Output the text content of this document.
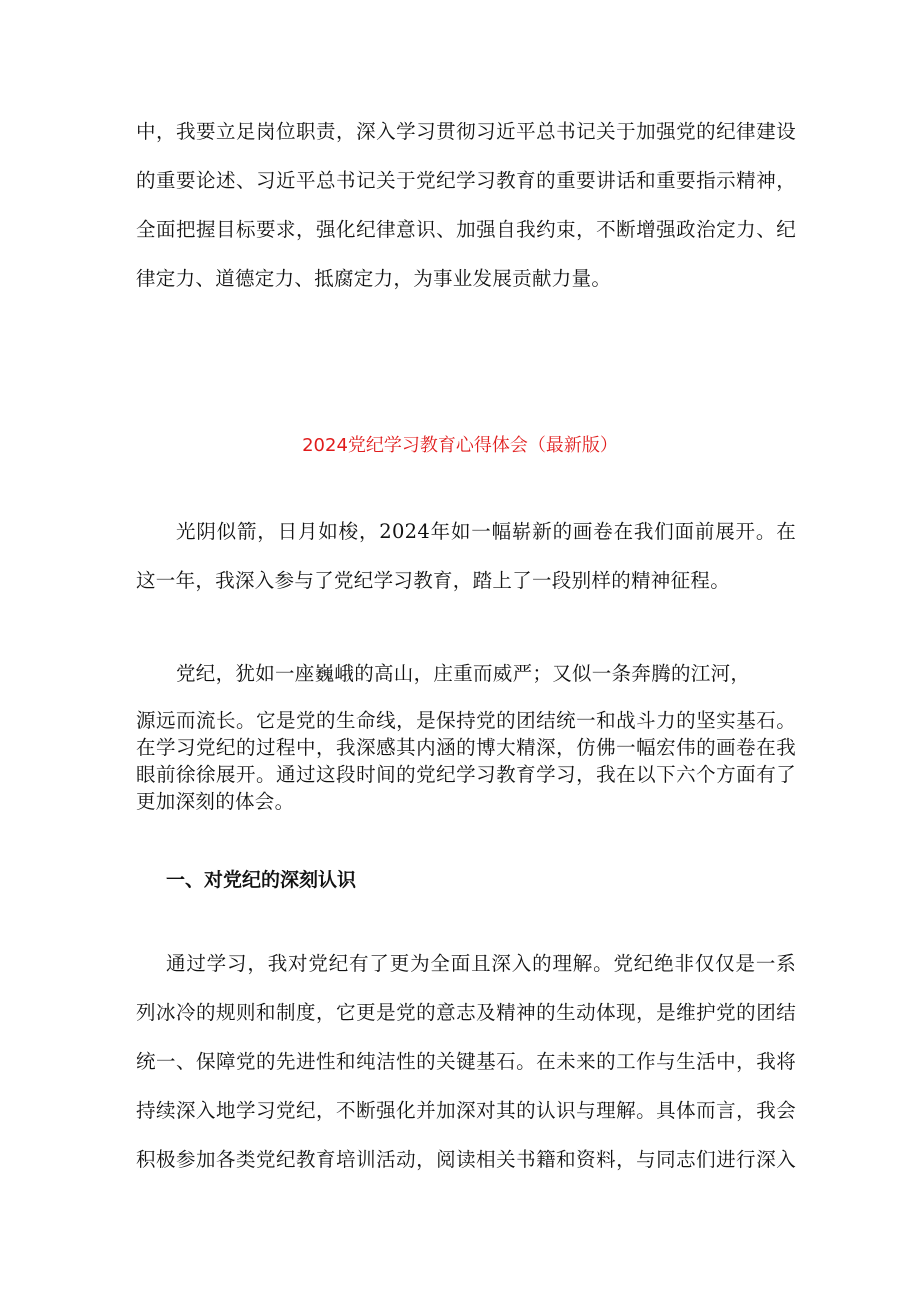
中，我要立足岗位职责，深入学习贯彻习近平总书记关于加强党的纪律建设
的重要论述、习近平总书记关于党纪学习教育的重要讲话和重要指示精神，
全面把握目标要求，强化纪律意识、加强自我约束，不断增强政治定力、纪
律定力、道德定力、抵腐定力，为事业发展贡献力量。
2024党纪学习教育心得体会（最新版）
光阴似箭，日月如梭，2024年如一幅崭新的画卷在我们面前展开。在
这一年，我深入参与了党纪学习教育，踏上了一段别样的精神征程。
党纪，犹如一座巍峨的高山，庄重而威严；又似一条奔腾的江河，
源远而流长。它是党的生命线，是保持党的团结统一和战斗力的坚实基石。
在学习党纪的过程中，我深感其内涵的博大精深，仿佛一幅宏伟的画卷在我
眼前徐徐展开。通过这段时间的党纪学习教育学习，我在以下六个方面有了
更加深刻的体会。
一、对党纪的深刻认识
通过学习，我对党纪有了更为全面且深入的理解。党纪绝非仅仅是一系
列冰冷的规则和制度，它更是党的意志及精神的生动体现，是维护党的团结
统一、保障党的先进性和纯洁性的关键基石。在未来的工作与生活中，我将
持续深入地学习党纪，不断强化并加深对其的认识与理解。具体而言，我会
积极参加各类党纪教育培训活动，阅读相关书籍和资料，与同志们进行深入
